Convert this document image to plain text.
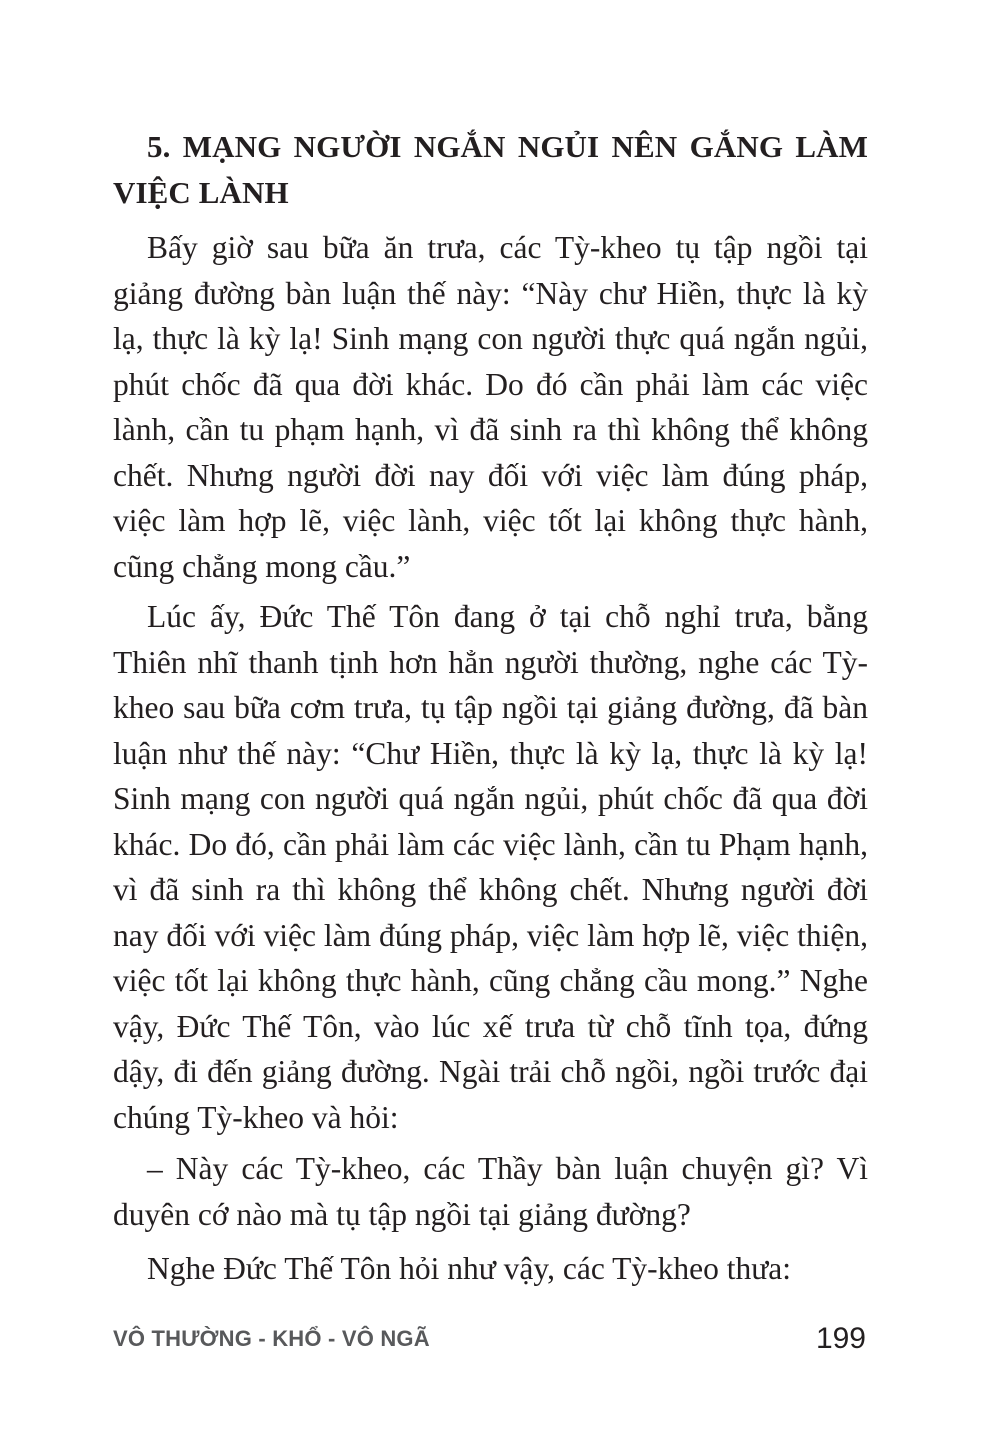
5. MẠNG NGƯỜI NGẮN NGỦI NÊN GẮNG LÀM VIỆC LÀNH

Bấy giờ sau bữa ăn trưa, các Tỳ-kheo tụ tập ngồi tại giảng đường bàn luận thế này: “Này chư Hiền, thực là kỳ lạ, thực là kỳ lạ! Sinh mạng con người thực quá ngắn ngủi, phút chốc đã qua đời khác. Do đó cần phải làm các việc lành, cần tu phạm hạnh, vì đã sinh ra thì không thể không chết. Nhưng người đời nay đối với việc làm đúng pháp, việc làm hợp lẽ, việc lành, việc tốt lại không thực hành, cũng chẳng mong cầu.”

Lúc ấy, Đức Thế Tôn đang ở tại chỗ nghỉ trưa, bằng Thiên nhĩ thanh tịnh hơn hẳn người thường, nghe các Tỳ-kheo sau bữa cơm trưa, tụ tập ngồi tại giảng đường, đã bàn luận như thế này: “Chư Hiền, thực là kỳ lạ, thực là kỳ lạ! Sinh mạng con người quá ngắn ngủi, phút chốc đã qua đời khác. Do đó, cần phải làm các việc lành, cần tu Phạm hạnh, vì đã sinh ra thì không thể không chết. Nhưng người đời nay đối với việc làm đúng pháp, việc làm hợp lẽ, việc thiện, việc tốt lại không thực hành, cũng chẳng cầu mong.” Nghe vậy, Đức Thế Tôn, vào lúc xế trưa từ chỗ tĩnh tọa, đứng dậy, đi đến giảng đường. Ngài trải chỗ ngồi, ngồi trước đại chúng Tỳ-kheo và hỏi:

– Này các Tỳ-kheo, các Thầy bàn luận chuyện gì? Vì duyên cớ nào mà tụ tập ngồi tại giảng đường?

Nghe Đức Thế Tôn hỏi như vậy, các Tỳ-kheo thưa:

VÔ THƯỜNG - KHỔ - VÔ NGÃ	199
